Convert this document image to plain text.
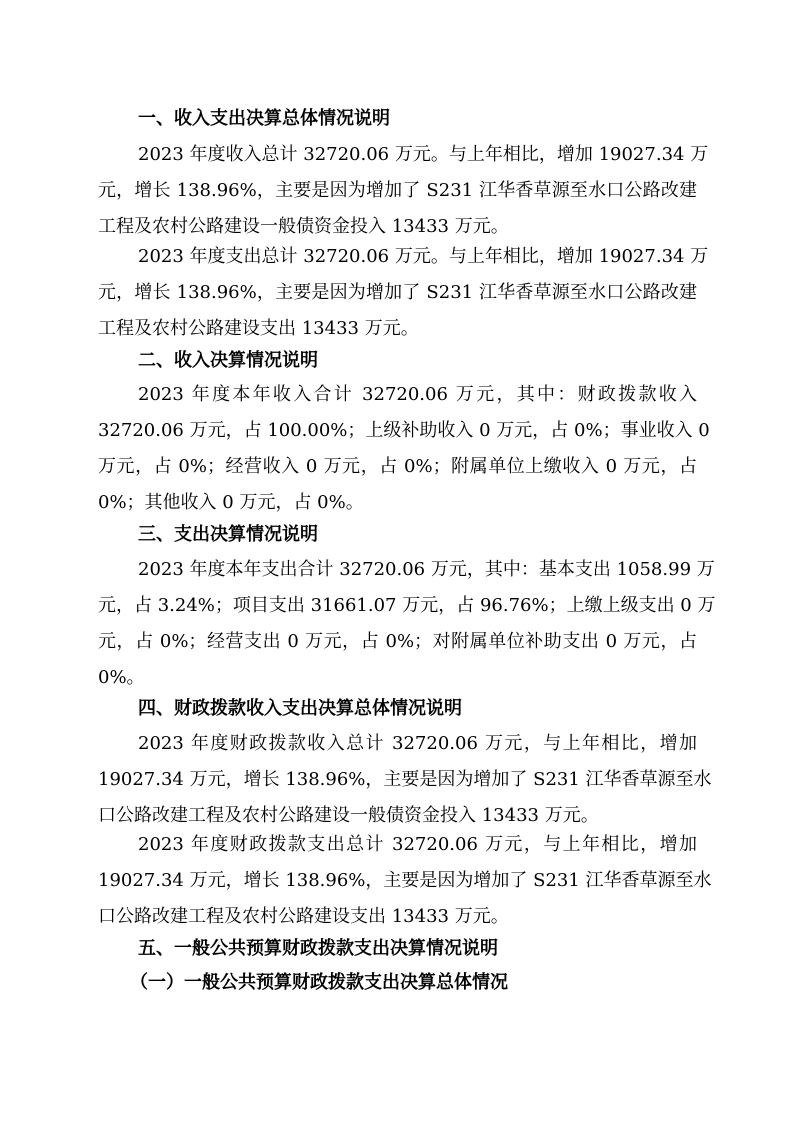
一、收入支出决算总体情况说明
2023 年度收入总计 32720.06 万元。与上年相比，增加 19027.34 万
元，增长 138.96%，主要是因为增加了 S231 江华香草源至水口公路改建
工程及农村公路建设一般债资金投入 13433 万元。
2023 年度支出总计 32720.06 万元。与上年相比，增加 19027.34 万
元，增长 138.96%，主要是因为增加了 S231 江华香草源至水口公路改建
工程及农村公路建设支出 13433 万元。
二、收入决算情况说明
2023 年度本年收入合计 32720.06 万元，其中：财政拨款收入
32720.06 万元，占 100.00%；上级补助收入 0 万元，占 0%；事业收入 0
万元，占 0%；经营收入 0 万元，占 0%；附属单位上缴收入 0 万元，占
0%；其他收入 0 万元，占 0%。
三、支出决算情况说明
2023 年度本年支出合计 32720.06 万元，其中：基本支出 1058.99 万
元，占 3.24%；项目支出 31661.07 万元，占 96.76%；上缴上级支出 0 万
元，占 0%；经营支出 0 万元，占 0%；对附属单位补助支出 0 万元，占
0%。
四、财政拨款收入支出决算总体情况说明
2023 年度财政拨款收入总计 32720.06 万元，与上年相比，增加
19027.34 万元，增长 138.96%，主要是因为增加了 S231 江华香草源至水
口公路改建工程及农村公路建设一般债资金投入 13433 万元。
2023 年度财政拨款支出总计 32720.06 万元，与上年相比，增加
19027.34 万元，增长 138.96%，主要是因为增加了 S231 江华香草源至水
口公路改建工程及农村公路建设支出 13433 万元。
五、一般公共预算财政拨款支出决算情况说明
（一）一般公共预算财政拨款支出决算总体情况
